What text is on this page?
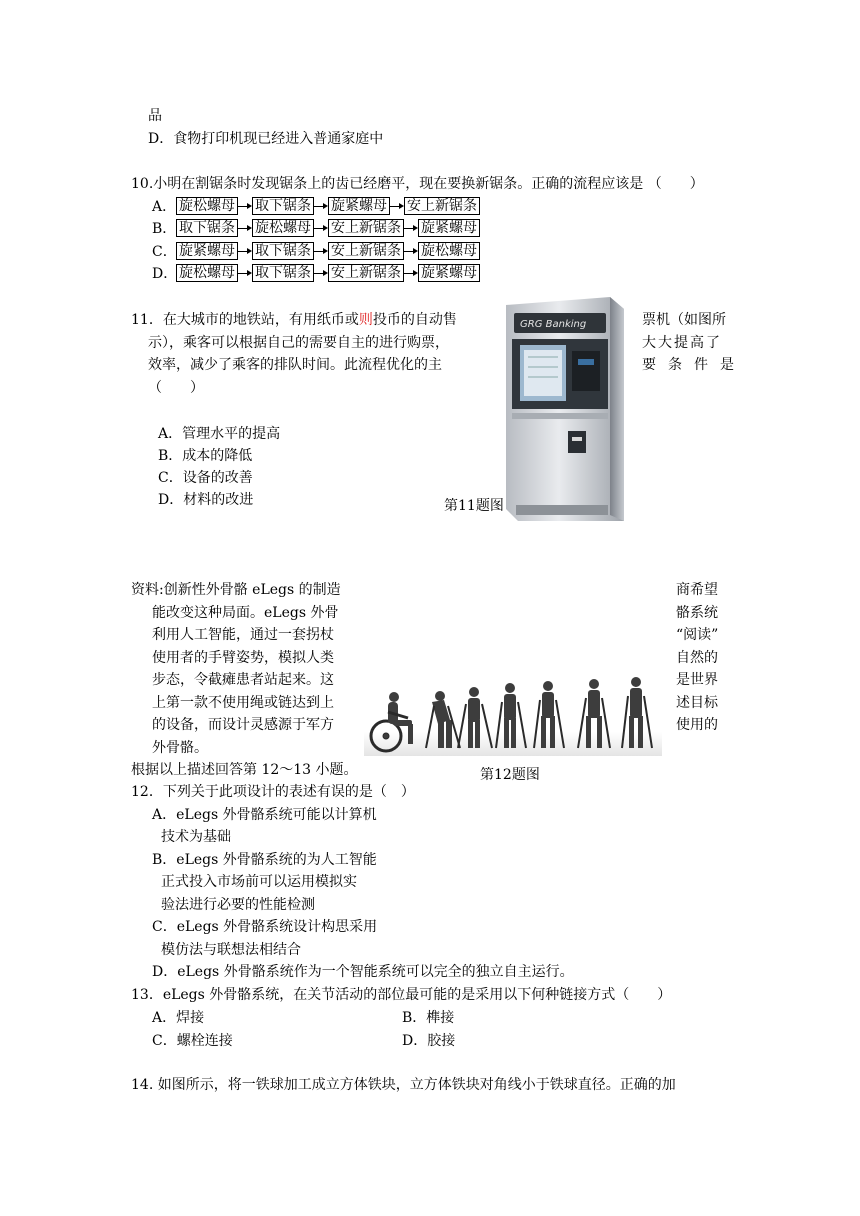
品
D．食物打印机现已经进入普通家庭中
10.小明在割锯条时发现锯条上的齿已经磨平，现在要换新锯条。正确的流程应该是 （　　）
A． 旋松螺母 取下锯条 旋紧螺母 安上新锯条
B． 取下锯条 旋松螺母 安上新锯条 旋紧螺母
C． 旋紧螺母 取下锯条 安上新锯条 旋松螺母
D． 旋松螺母 取下锯条 安上新锯条 旋紧螺母
11．在大城市的地铁站，有用纸币或则投币的自动售	票机（如图所
示），乘客可以根据自己的需要自主的进行购票，	大大提高了
效率，减少了乘客的排队时间。此流程优化的主	要条件是
（　　）
A．管理水平的提高
B．成本的降低
C．设备的改善
D．材料的改进
GRG Banking
第11题图
资料:创新性外骨骼 eLegs 的制造
能改变这种局面。eLegs 外骨
利用人工智能，通过一套拐杖
使用者的手臂姿势，模拟人类
步态，令截瘫患者站起来。这
上第一款不使用绳或链达到上
的设备，而设计灵感源于军方
外骨骼。
商希望
骼系统
“阅读”
自然的
是世界
述目标
使用的
根据以上描述回答第 12～13 小题。	第12题图
12．下列关于此项设计的表述有误的是（　）
A．eLegs 外骨骼系统可能以计算机
技术为基础
B．eLegs 外骨骼系统的为人工智能
正式投入市场前可以运用模拟实
验法进行必要的性能检测
C．eLegs 外骨骼系统设计构思采用
模仿法与联想法相结合
D．eLegs 外骨骼系统作为一个智能系统可以完全的独立自主运行。
13．eLegs 外骨骼系统，在关节活动的部位最可能的是采用以下何种链接方式（　　）
A．焊接	B．榫接
C．螺栓连接	D．胶接
14. 如图所示，将一铁球加工成立方体铁块，立方体铁块对角线小于铁球直径。正确的加
